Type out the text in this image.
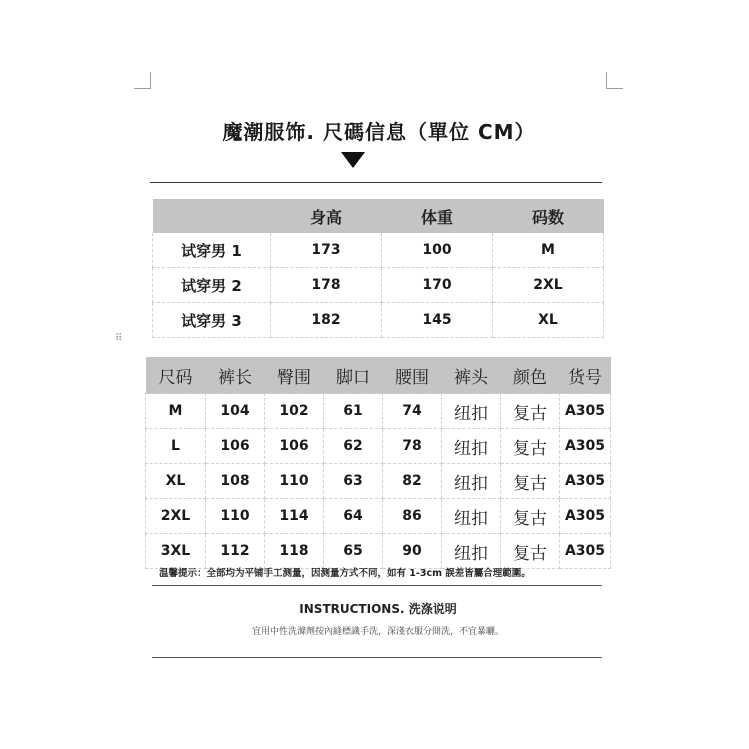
魔潮服饰. 尺碼信息（單位 CM）
	身高	体重	码数
试穿男 1	173	100	M
试穿男 2	178	170	2XL
试穿男 3	182	145	XL
⠿
尺码	裤长	臀围	脚口	腰围	裤头	颜色	货号
M	104	102	61	74	纽扣	复古	A305
L	106	106	62	78	纽扣	复古	A305
XL	108	110	63	82	纽扣	复古	A305
2XL	110	114	64	86	纽扣	复古	A305
3XL	112	118	65	90	纽扣	复古	A305
温馨提示：全部均为平铺手工测量，因测量方式不同，如有 1-3cm 誤差皆屬合理範圍。
INSTRUCTIONS. 洗涤说明
宜用中性洗滌劑按內縫標識手洗，深淺衣服分開洗，不宜暴曬。
